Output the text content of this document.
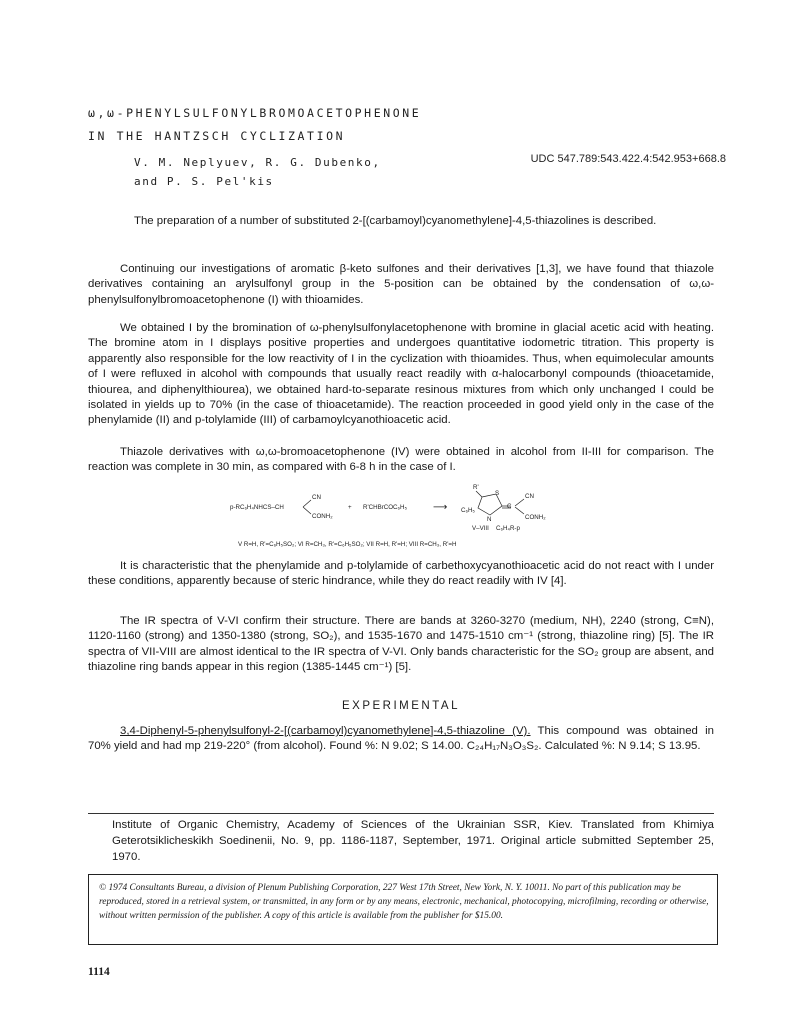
ω,ω-PHENYLSULFONYLBROMOACETOPHENONE
IN THE HANTZSCH CYCLIZATION
V. M. Neplyuev, R. G. Dubenko,
and P. S. Pel'kis
UDC 547.789:543.422.4:542.953+668.8
The preparation of a number of substituted 2-[(carbamoyl)cyanomethylene]-4,5-thiazolines is described.

Continuing our investigations of aromatic β-keto sulfones and their derivatives [1,3], we have found that thiazole derivatives containing an arylsulfonyl group in the 5-position can be obtained by the condensation of ω,ω-phenylsulfonylbromoacetophenone (I) with thioamides.

We obtained I by the bromination of ω-phenylsulfonylacetophenone with bromine in glacial acetic acid with heating. The bromine atom in I displays positive properties and undergoes quantitative iodometric titration. This property is apparently also responsible for the low reactivity of I in the cyclization with thioamides. Thus, when equimolecular amounts of I were refluxed in alcohol with compounds that usually react readily with α-halocarbonyl compounds (thioacetamide, thiourea, and diphenylthiourea), we obtained hard-to-separate resinous mixtures from which only unchanged I could be isolated in yields up to 70% (in the case of thioacetamide). The reaction proceeded in good yield only in the case of the phenylamide (II) and p-tolylamide (III) of carbamoylcyanothioacetic acid.

Thiazole derivatives with ω,ω-bromoacetophenone (IV) were obtained in alcohol from II-III for comparison. The reaction was complete in 30 min, as compared with 6-8 h in the case of I.

p-RC₆H₄NHCS–CH
CN
CONH₂
+ R'CHBrCOC₆H₅	⟶
R'
S
C
N
CN
CONH₂
C₆H₅
V–VIII C₆H₄R-p
V R=H, R'=C₆H₅SO₂; VI R=CH₃, R'=C₆H₅SO₂; VII R=H, R'=H; VIII R=CH₃, R'=H

It is characteristic that the phenylamide and p-tolylamide of carbethoxycyanothioacetic acid do not react with I under these conditions, apparently because of steric hindrance, while they do react readily with IV [4].

The IR spectra of V-VI confirm their structure. There are bands at 3260-3270 (medium, NH), 2240 (strong, C≡N), 1120-1160 (strong) and 1350-1380 (strong, SO₂), and 1535-1670 and 1475-1510 cm⁻¹ (strong, thiazoline ring) [5]. The IR spectra of VII-VIII are almost identical to the IR spectra of V-VI. Only bands characteristic for the SO₂ group are absent, and thiazoline ring bands appear in this region (1385-1445 cm⁻¹) [5].

EXPERIMENTAL

3,4-Diphenyl-5-phenylsulfonyl-2-[(carbamoyl)cyanomethylene]-4,5-thiazoline (V). This compound was obtained in 70% yield and had mp 219-220° (from alcohol). Found %: N 9.02; S 14.00. C₂₄H₁₇N₃O₃S₂. Calculated %: N 9.14; S 13.95.

Institute of Organic Chemistry, Academy of Sciences of the Ukrainian SSR, Kiev. Translated from Khimiya Geterotsiklicheskikh Soedinenii, No. 9, pp. 1186-1187, September, 1971. Original article submitted September 25, 1970.
© 1974 Consultants Bureau, a division of Plenum Publishing Corporation, 227 West 17th Street, New York, N. Y. 10011. No part of this publication may be reproduced, stored in a retrieval system, or transmitted, in any form or by any means, electronic, mechanical, photocopying, microfilming, recording or otherwise, without written permission of the publisher. A copy of this article is available from the publisher for $15.00.
1114
